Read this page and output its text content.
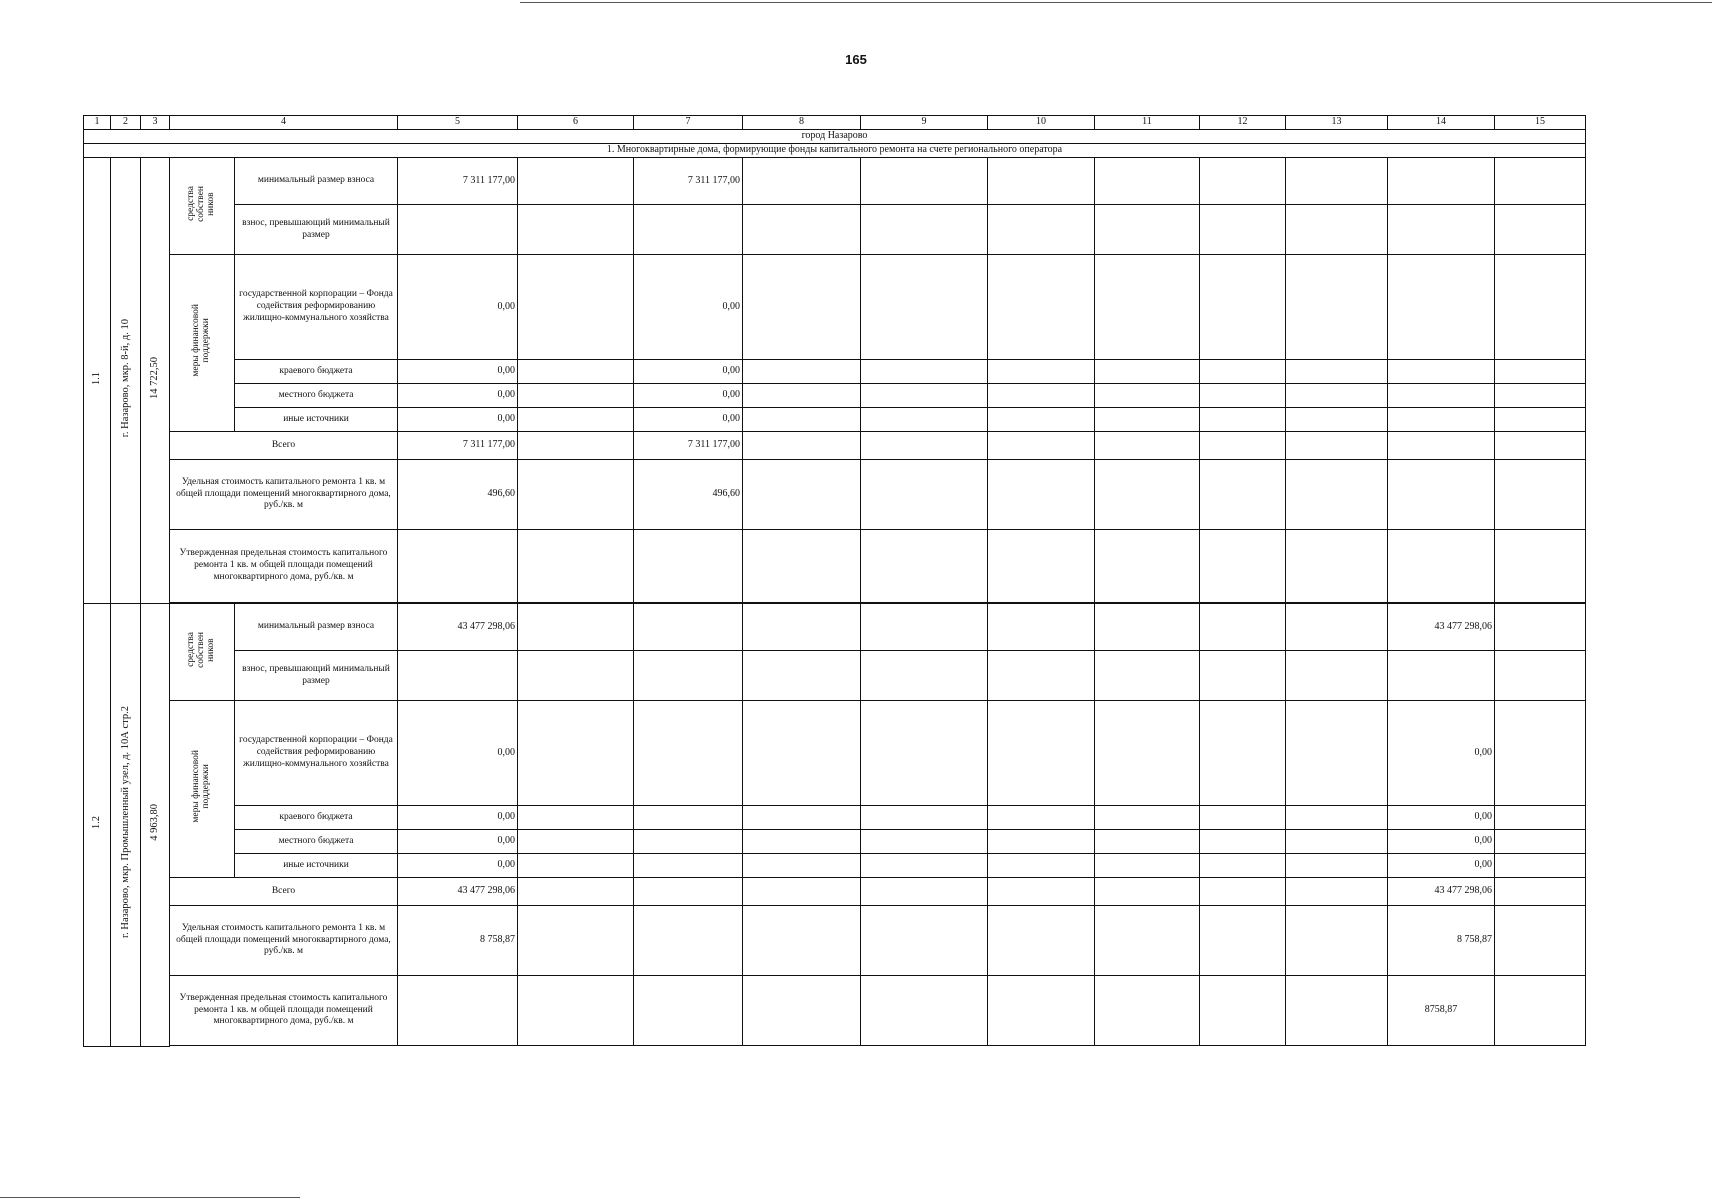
165
1	2	3	4		5	6	7	8	9	10	11	12	13	14	15
город Назарово															
1. Многоквартирные дома, формирующие фонды капитального ремонта на счете регионального оператора															
1.1	г. Назарово, мкр. 8-й, д. 10	14 722,50	средства
собствен
ников	минимальный размер взноса	7 311 177,00		7 311 177,00								
				взнос, превышающий минимальный размер											
			меры финансовой
поддержки	государственной корпорации – Фонда содействия реформированию жилищно-коммунального хозяйства	0,00		0,00								
				краевого бюджета	0,00		0,00								
				местного бюджета	0,00		0,00								
				иные источники	0,00		0,00								
			Всего		7 311 177,00		7 311 177,00								
			Удельная стоимость капитального ремонта 1 кв. м общей площади помещений многоквартирного дома, руб./кв. м		496,60		496,60								
			Утвержденная предельная стоимость капитального ремонта 1 кв. м общей площади помещений многоквартирного дома, руб./кв. м												

1.2	г. Назарово, мкр. Промышленный узел, д. 10А стр.2	4 963,80	средства
собствен
ников	минимальный размер взноса	43 477 298,06									43 477 298,06	
				взнос, превышающий минимальный размер											
			меры финансовой
поддержки	государственной корпорации – Фонда содействия реформированию жилищно-коммунального хозяйства	0,00									0,00	
				краевого бюджета	0,00									0,00	
				местного бюджета	0,00									0,00	
				иные источники	0,00									0,00	
			Всего		43 477 298,06									43 477 298,06	
			Удельная стоимость капитального ремонта 1 кв. м общей площади помещений многоквартирного дома, руб./кв. м		8 758,87									8 758,87	
			Утвержденная предельная стоимость капитального ремонта 1 кв. м общей площади помещений многоквартирного дома, руб./кв. м											8758,87	
